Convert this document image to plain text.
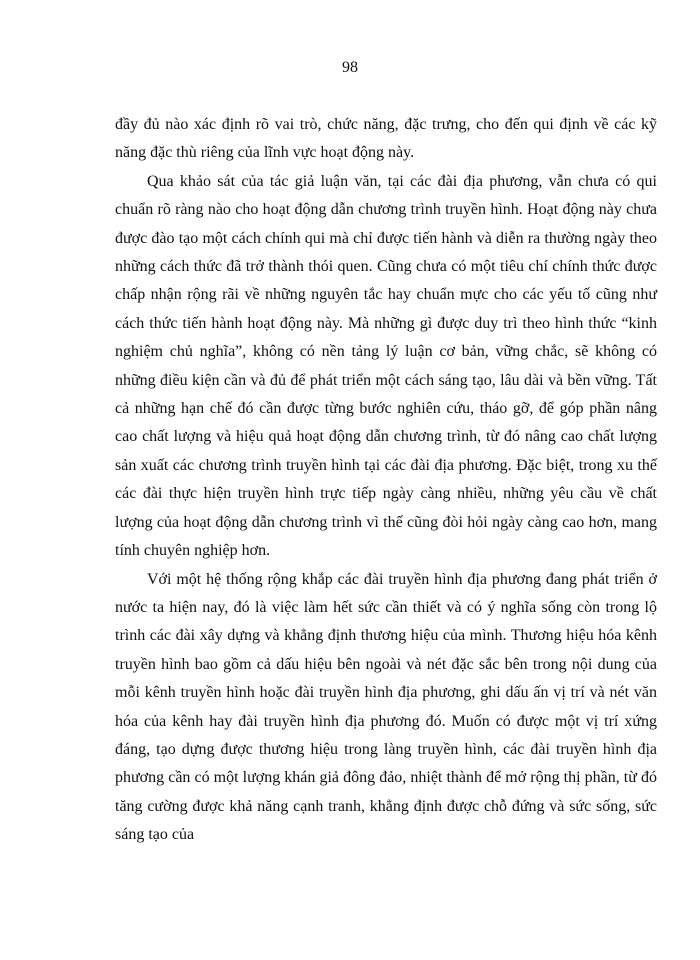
98

đầy đủ nào xác định rõ vai trò, chức năng, đặc trưng, cho đến qui định về các kỹ năng đặc thù riêng của lĩnh vực hoạt động này.

Qua khảo sát của tác giả luận văn, tại các đài địa phương, vẫn chưa có qui chuẩn rõ ràng nào cho hoạt động dẫn chương trình truyền hình. Hoạt động này chưa được đào tạo một cách chính qui mà chỉ được tiến hành và diễn ra thường ngày theo những cách thức đã trở thành thói quen. Cũng chưa có một tiêu chí chính thức được chấp nhận rộng rãi về những nguyên tắc hay chuẩn mực cho các yếu tố cũng như cách thức tiến hành hoạt động này. Mà những gì được duy trì theo hình thức “kinh nghiệm chủ nghĩa”, không có nền tảng lý luận cơ bản, vững chắc, sẽ không có những điều kiện cần và đủ để phát triển một cách sáng tạo, lâu dài và bền vững. Tất cả những hạn chế đó cần được từng bước nghiên cứu, tháo gỡ, để góp phần nâng cao chất lượng và hiệu quả hoạt động dẫn chương trình, từ đó nâng cao chất lượng sản xuất các chương trình truyền hình tại các đài địa phương. Đặc biệt, trong xu thế các đài thực hiện truyền hình trực tiếp ngày càng nhiều, những yêu cầu về chất lượng của hoạt động dẫn chương trình vì thế cũng đòi hỏi ngày càng cao hơn, mang tính chuyên nghiệp hơn.

Với một hệ thống rộng khắp các đài truyền hình địa phương đang phát triển ở nước ta hiện nay, đó là việc làm hết sức cần thiết và có ý nghĩa sống còn trong lộ trình các đài xây dựng và khẳng định thương hiệu của mình. Thương hiệu hóa kênh truyền hình bao gồm cả dấu hiệu bên ngoài và nét đặc sắc bên trong nội dung của mỗi kênh truyền hình hoặc đài truyền hình địa phương, ghi dấu ấn vị trí và nét văn hóa của kênh hay đài truyền hình địa phương đó. Muốn có được một vị trí xứng đáng, tạo dựng được thương hiệu trong làng truyền hình, các đài truyền hình địa phương cần có một lượng khán giả đông đảo, nhiệt thành để mở rộng thị phần, từ đó tăng cường được khả năng cạnh tranh, khẳng định được chỗ đứng và sức sống, sức sáng tạo của
